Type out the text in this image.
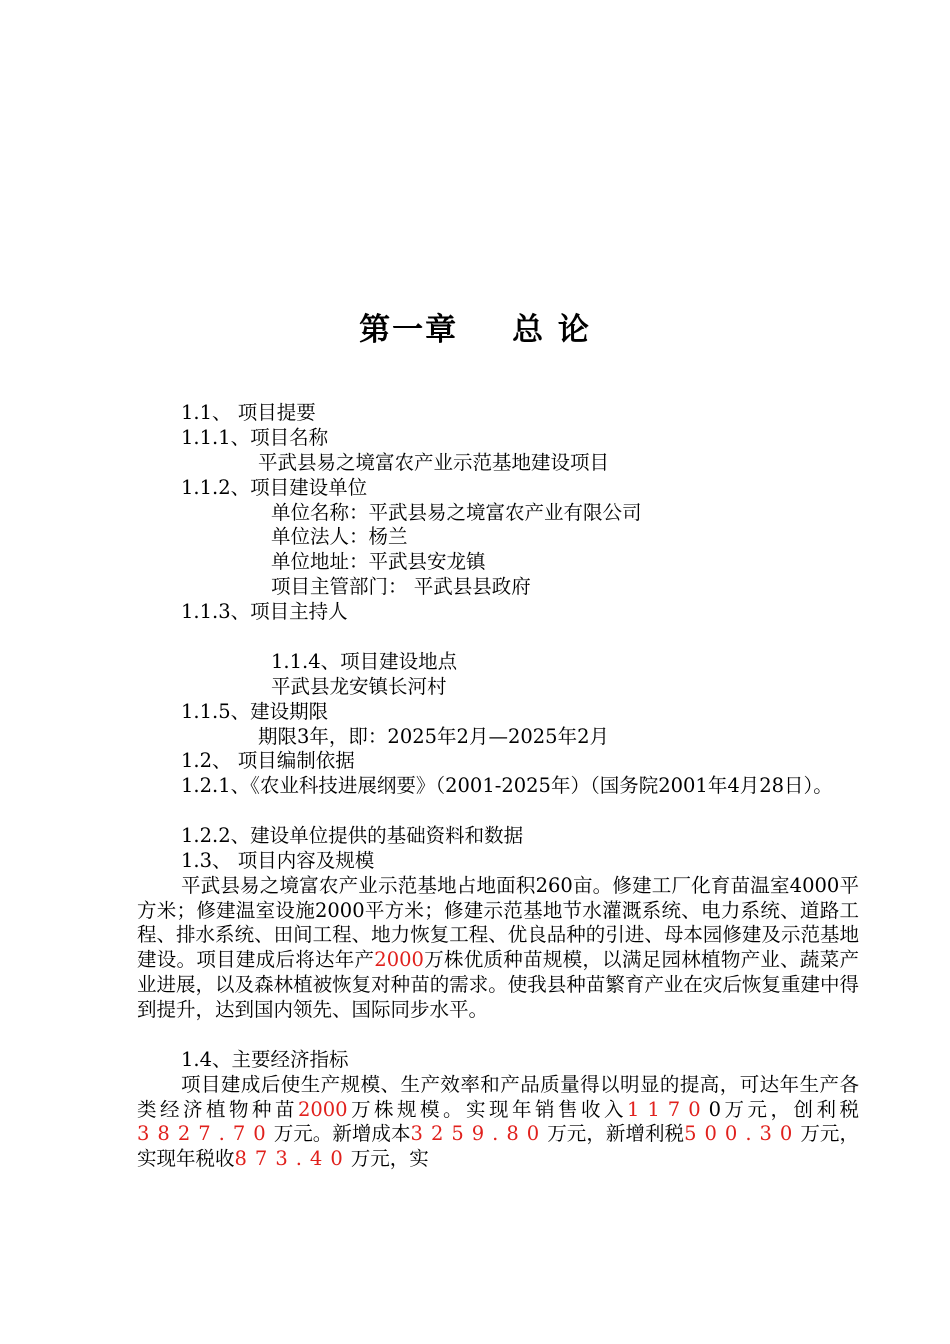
第一章 总 论
1.1、 项目提要
1.1.1、项目名称
平武县易之境富农产业示范基地建设项目
1.1.2、项目建设单位
单位名称：平武县易之境富农产业有限公司
单位法人：杨兰
单位地址：平武县安龙镇
项目主管部门： 平武县县政府
1.1.3、项目主持人
1.1.4、项目建设地点
平武县龙安镇长河村
1.1.5、建设期限
期限3年，即：2025年2月—2025年2月
1.2、 项目编制依据
1.2.1、《农业科技进展纲要》（2001-2025年）（国务院2001年4月28日）。
1.2.2、建设单位提供的基础资料和数据
1.3、 项目内容及规模
平武县易之境富农产业示范基地占地面积260亩。修建工厂化育苗温室4000平方米；修建温室设施2000平方米；修建示范基地节水灌溉系统、电力系统、道路工程、排水系统、田间工程、地力恢复工程、优良品种的引进、母本园修建及示范基地建设。项目建成后将达年产2000万株优质种苗规模，以满足园林植物产业、蔬菜产业进展，以及森林植被恢复对种苗的需求。使我县种苗繁育产业在灾后恢复重建中得到提升，达到国内领先、国际同步水平。
1.4、主要经济指标
项目建成后使生产规模、生产效率和产品质量得以明显的提高，可达年生产各类经济植物种苗2000万株规模。实现年销售收入11700万元，创利税 3827.70万元。新增成本3259.80万元，新增利税500.30万元，实现年税收873.40万元，实
